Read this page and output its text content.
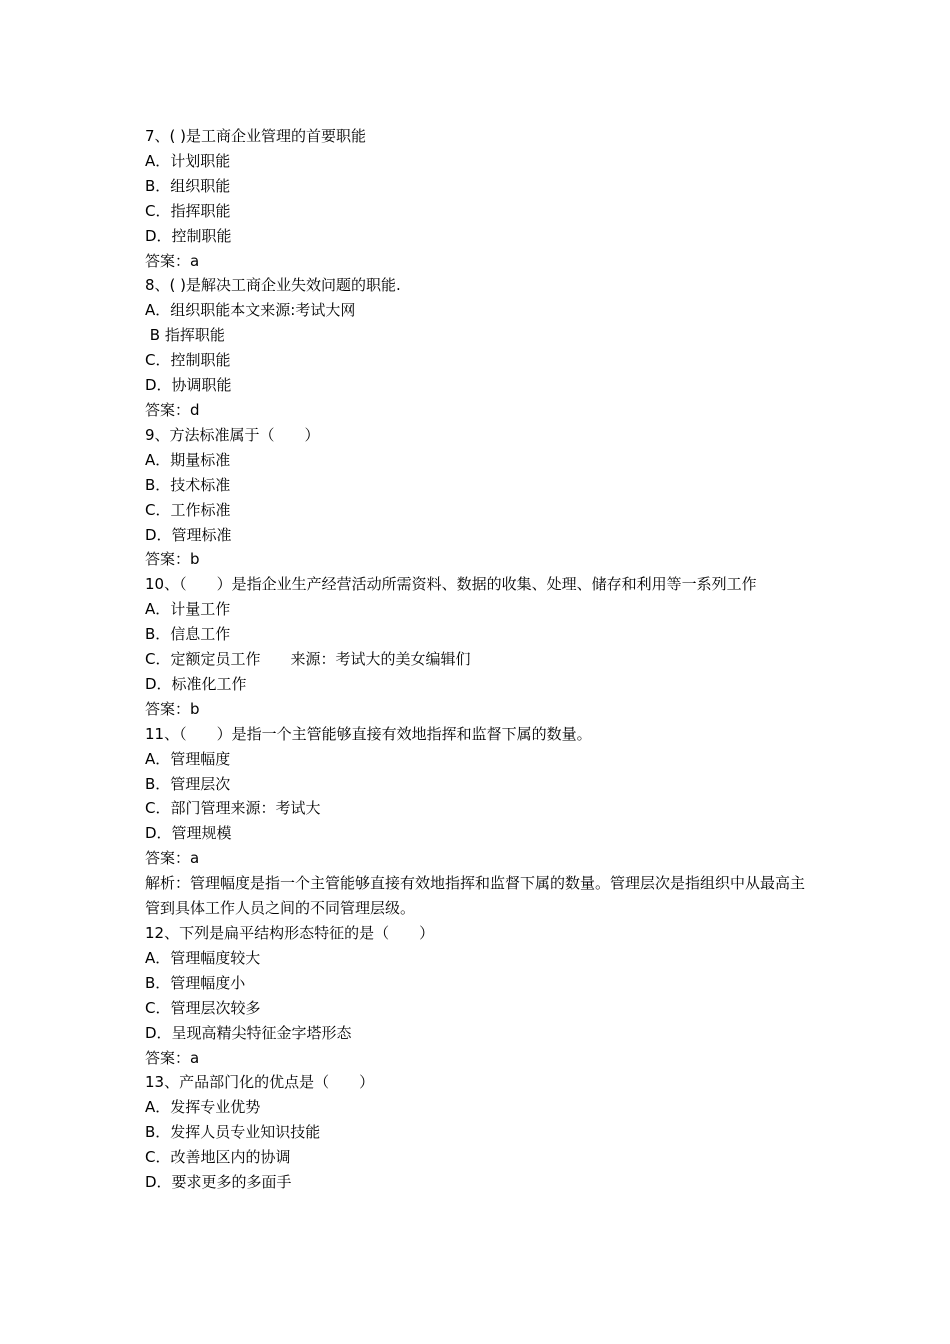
7、( )是工商企业管理的首要职能
A．计划职能
B．组织职能
C．指挥职能
D．控制职能
答案：a
8、( )是解决工商企业失效问题的职能.
A．组织职能本文来源:考试大网
B 指挥职能
C．控制职能
D．协调职能
答案：d
9、方法标准属于（　　）
A．期量标准
B．技术标准
C．工作标准
D．管理标准
答案：b
10、（　　）是指企业生产经营活动所需资料、数据的收集、处理、储存和利用等一系列工作
A．计量工作
B．信息工作
C．定额定员工作　　来源：考试大的美女编辑们
D．标准化工作
答案：b
11、（　　）是指一个主管能够直接有效地指挥和监督下属的数量。
A．管理幅度
B．管理层次
C．部门管理来源：考试大
D．管理规模
答案：a
解析：管理幅度是指一个主管能够直接有效地指挥和监督下属的数量。管理层次是指组织中从最高主管到具体工作人员之间的不同管理层级。
12、下列是扁平结构形态特征的是（　　）
A．管理幅度较大
B．管理幅度小
C．管理层次较多
D．呈现高精尖特征金字塔形态
答案：a
13、产品部门化的优点是（　　）
A．发挥专业优势
B．发挥人员专业知识技能
C．改善地区内的协调
D．要求更多的多面手
